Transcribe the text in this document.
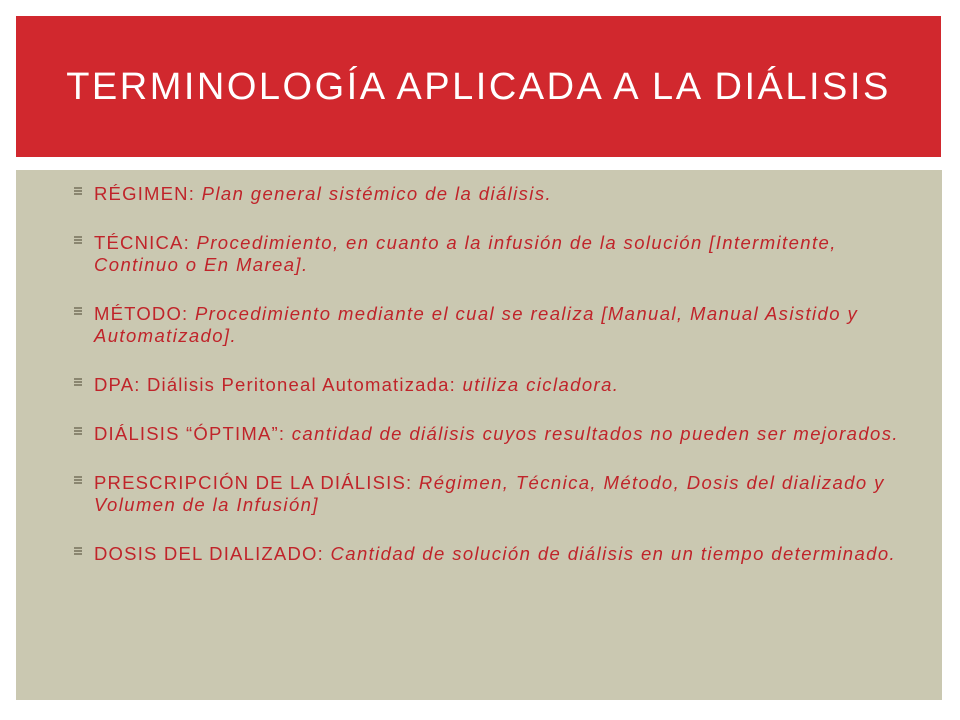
TERMINOLOGÍA APLICADA A LA DIÁLISIS
RÉGIMEN: Plan general sistémico de la diálisis.
TÉCNICA: Procedimiento, en cuanto a la infusión de la solución [Intermitente, Continuo o En Marea].
MÉTODO: Procedimiento mediante el cual se realiza [Manual, Manual Asistido y Automatizado].
DPA: Diálisis Peritoneal Automatizada: utiliza cicladora.
DIÁLISIS “ÓPTIMA”: cantidad de diálisis cuyos resultados no pueden ser mejorados.
PRESCRIPCIÓN DE LA DIÁLISIS: Régimen, Técnica, Método, Dosis del dializado y Volumen de la Infusión]
DOSIS DEL DIALIZADO: Cantidad de solución de diálisis en un tiempo determinado.
